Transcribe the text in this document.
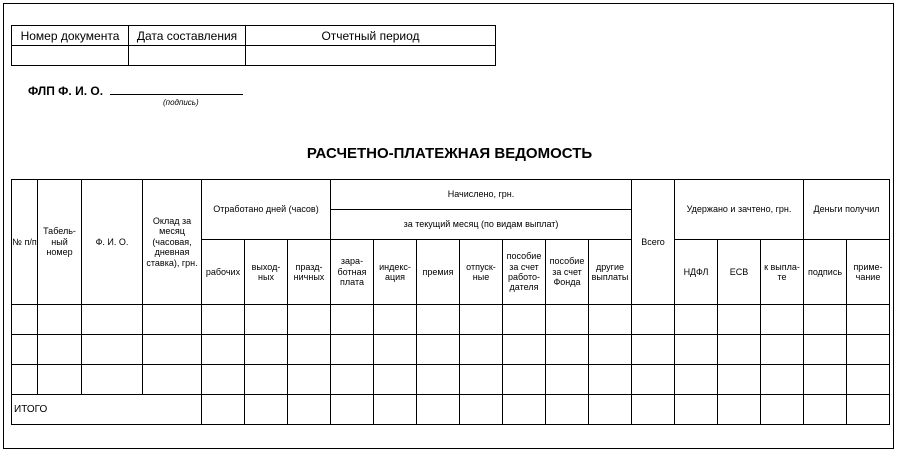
Номер документа	Дата составления	Отчетный период

ФЛП Ф. И. О.
(подпись)
РАСЧЕТНО-ПЛАТЕЖНАЯ ВЕДОМОСТЬ
№ п/п	Табель-ный номер	Ф. И. О.	Оклад за месяц (часовая, дневная ставка), грн.	Отработано дней (часов)			Начислено, грн.							Всего	Удержано и зачтено, грн.			Деньги получил	
							за текущий месяц (по видам выплат)												
				рабочих	выход-ных	празд-ничных	зара-ботная плата	индекс-ация	премия	отпуск-ные	пособие за счет работо-дателя	пособие за счет Фонда	другие выплаты		НДФЛ	ЕСВ	к выпла-те	подпись	приме-чание

ИТОГО																			
